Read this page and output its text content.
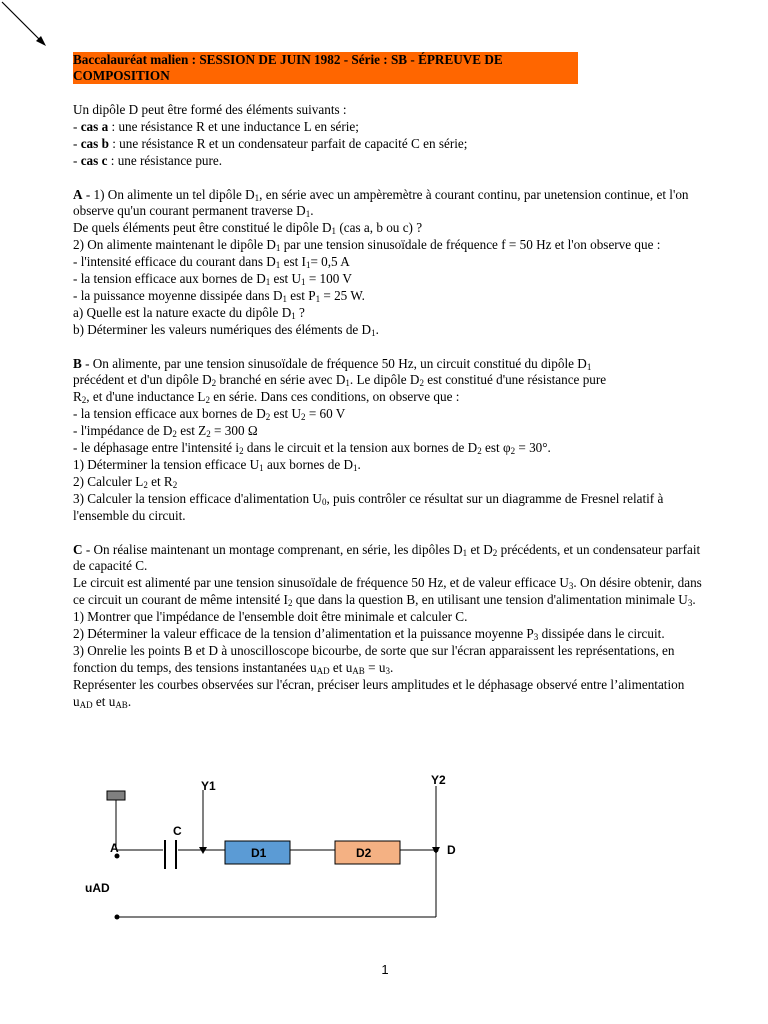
Baccalauréat malien : SESSION DE JUIN 1982 - Série : SB - ÉPREUVE DE COMPOSITION

Un dipôle D peut être formé des éléments suivants :

- cas a : une résistance R et une inductance L en série;

- cas b : une résistance R et un condensateur parfait de capacité C en série;

- cas c : une résistance pure.

A - 1) On alimente un tel dipôle $D_1$, en série avec un ampèremètre à courant continu, par unetension continue, et l'on observe qu'un courant permanent traverse $D_1$.

De quels éléments peut être constitué le dipôle $D_1$ (cas a, b ou c) ?

2) On alimente maintenant le dipôle $D_1$ par une tension sinusoïdale de fréquence f = 50 Hz et l'on observe que :

- l'intensité efficace du courant dans $D_1$ est $I_1= 0,5$ A

- la tension efficace aux bornes de $D_1$ est $U_1 = 100$ V

- la puissance moyenne dissipée dans $D_1$ est $P_1 = 25$ W.

a) Quelle est la nature exacte du dipôle $D_1$ ?

b) Déterminer les valeurs numériques des éléments de $D_1$.

B - On alimente, par une tension sinusoïdale de fréquence 50 Hz, un circuit constitué du dipôle $D_1$

précédent et d'un dipôle $D_2$ branché en série avec $D_1$. Le dipôle $D_2$ est constitué d'une résistance pure

$R_2$, et d'une inductance $L_2$ en série. Dans ces conditions, on observe que :

- la tension efficace aux bornes de $D_2$ est $U_2 = 60$ V

- l'impédance de $D_2$ est $Z_2 = 300$ Ω

- le déphasage entre l'intensité $i_2$ dans le circuit et la tension aux bornes de $D_2$ est $\varphi_2 = 30^\circ$.

1) Déterminer la tension efficace $U_1$ aux bornes de $D_1$.

2) Calculer $L_2$ et $R_2$

3) Calculer la tension efficace d'alimentation $U_0$, puis contrôler ce résultat sur un diagramme de Fresnel relatif à l'ensemble du circuit.

C - On réalise maintenant un montage comprenant, en série, les dipôles $D_1$ et $D_2$ précédents, et un condensateur parfait de capacité C.

Le circuit est alimenté par une tension sinusoïdale de fréquence 50 Hz, et de valeur efficace $U_3$. On désire obtenir, dans ce circuit un courant de même intensité $I_2$ que dans la question B, en utilisant une tension d'alimentation minimale $U_3$.

1) Montrer que l'impédance de l'ensemble doit être minimale et calculer C.

2) Déterminer la valeur efficace de la tension d’alimentation et la puissance moyenne $P_3$ dissipée dans le circuit.

3) Onrelie les points B et D à unoscilloscope bicourbe, de sorte que sur l'écran apparaissent les représentations, en fonction du temps, des tensions instantanées $u_{AD}$ et $u_{AB} = u_3$.

Représenter les courbes observées sur l'écran, préciser leurs amplitudes et le déphasage observé entre l’alimentation $u_{AD}$ et $u_{AB}$.

Y1	Y2
C
A	D
uAD
D1	D2
1
